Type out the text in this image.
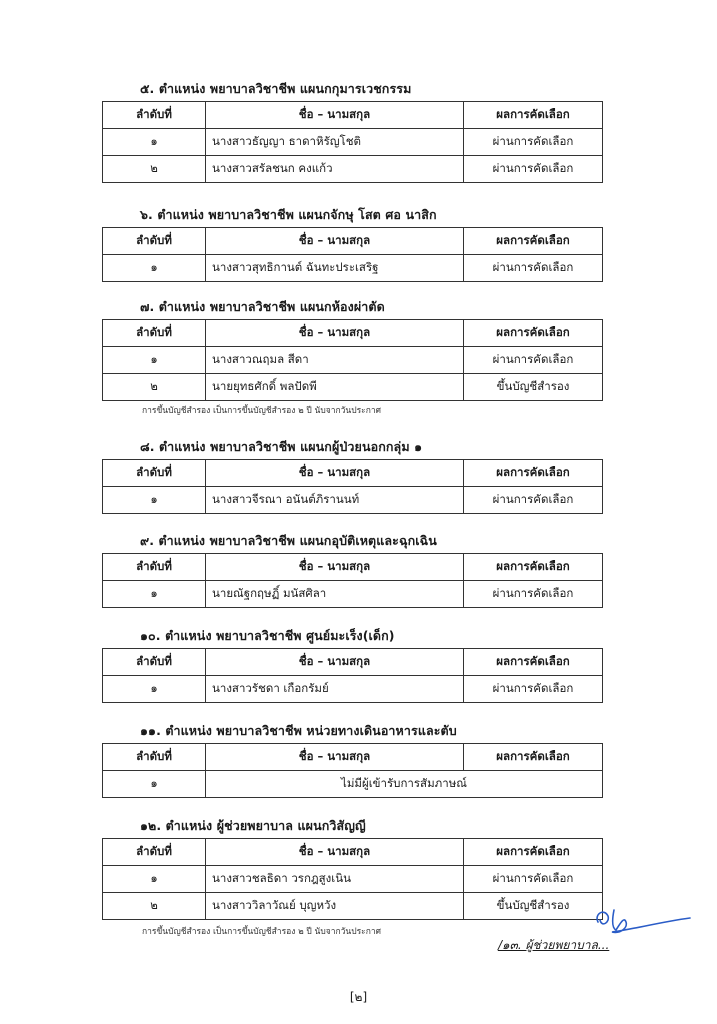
๕. ตำแหน่ง พยาบาลวิชาชีพ แผนกกุมารเวชกรรม
ลำดับที่	ชื่อ – นามสกุล	ผลการคัดเลือก
๑	นางสาวธัญญา ธาดาหิรัญโชติ	ผ่านการคัดเลือก
๒	นางสาวสรัลชนก คงแก้ว	ผ่านการคัดเลือก
๖. ตำแหน่ง พยาบาลวิชาชีพ แผนกจักษุ โสต ศอ นาสิก
ลำดับที่	ชื่อ – นามสกุล	ผลการคัดเลือก
๑	นางสาวสุทธิกานต์ ฉันทะประเสริฐ	ผ่านการคัดเลือก
๗. ตำแหน่ง พยาบาลวิชาชีพ แผนกห้องผ่าตัด
ลำดับที่	ชื่อ – นามสกุล	ผลการคัดเลือก
๑	นางสาวณฤมล สีดา	ผ่านการคัดเลือก
๒	นายยุทธศักดิ์ พลปัดพี	ขึ้นบัญชีสำรอง
การขึ้นบัญชีสำรอง เป็นการขึ้นบัญชีสำรอง ๒ ปี นับจากวันประกาศ
๘. ตำแหน่ง พยาบาลวิชาชีพ แผนกผู้ป่วยนอกกลุ่ม ๑
ลำดับที่	ชื่อ – นามสกุล	ผลการคัดเลือก
๑	นางสาวจีรณา อนันต์ภิรานนท์	ผ่านการคัดเลือก
๙. ตำแหน่ง พยาบาลวิชาชีพ แผนกอุบัติเหตุและฉุกเฉิน
ลำดับที่	ชื่อ – นามสกุล	ผลการคัดเลือก
๑	นายณัฐกฤษฏิ์ มนัสศิลา	ผ่านการคัดเลือก
๑๐. ตำแหน่ง พยาบาลวิชาชีพ ศูนย์มะเร็ง(เด็ก)
ลำดับที่	ชื่อ – นามสกุล	ผลการคัดเลือก
๑	นางสาวรัชดา เกือกรัมย์	ผ่านการคัดเลือก
๑๑. ตำแหน่ง พยาบาลวิชาชีพ หน่วยทางเดินอาหารและตับ
ลำดับที่	ชื่อ – นามสกุล	ผลการคัดเลือก
๑	ไม่มีผู้เข้ารับการสัมภาษณ์	
๑๒. ตำแหน่ง ผู้ช่วยพยาบาล แผนกวิสัญญี
ลำดับที่	ชื่อ – นามสกุล	ผลการคัดเลือก
๑	นางสาวชลธิดา วรกฎสูงเนิน	ผ่านการคัดเลือก
๒	นางสาววิลาวัณย์ บุญหวัง	ขึ้นบัญชีสำรอง
การขึ้นบัญชีสำรอง เป็นการขึ้นบัญชีสำรอง ๒ ปี นับจากวันประกาศ
/๑๓. ผู้ช่วยพยาบาล...
[๒]
